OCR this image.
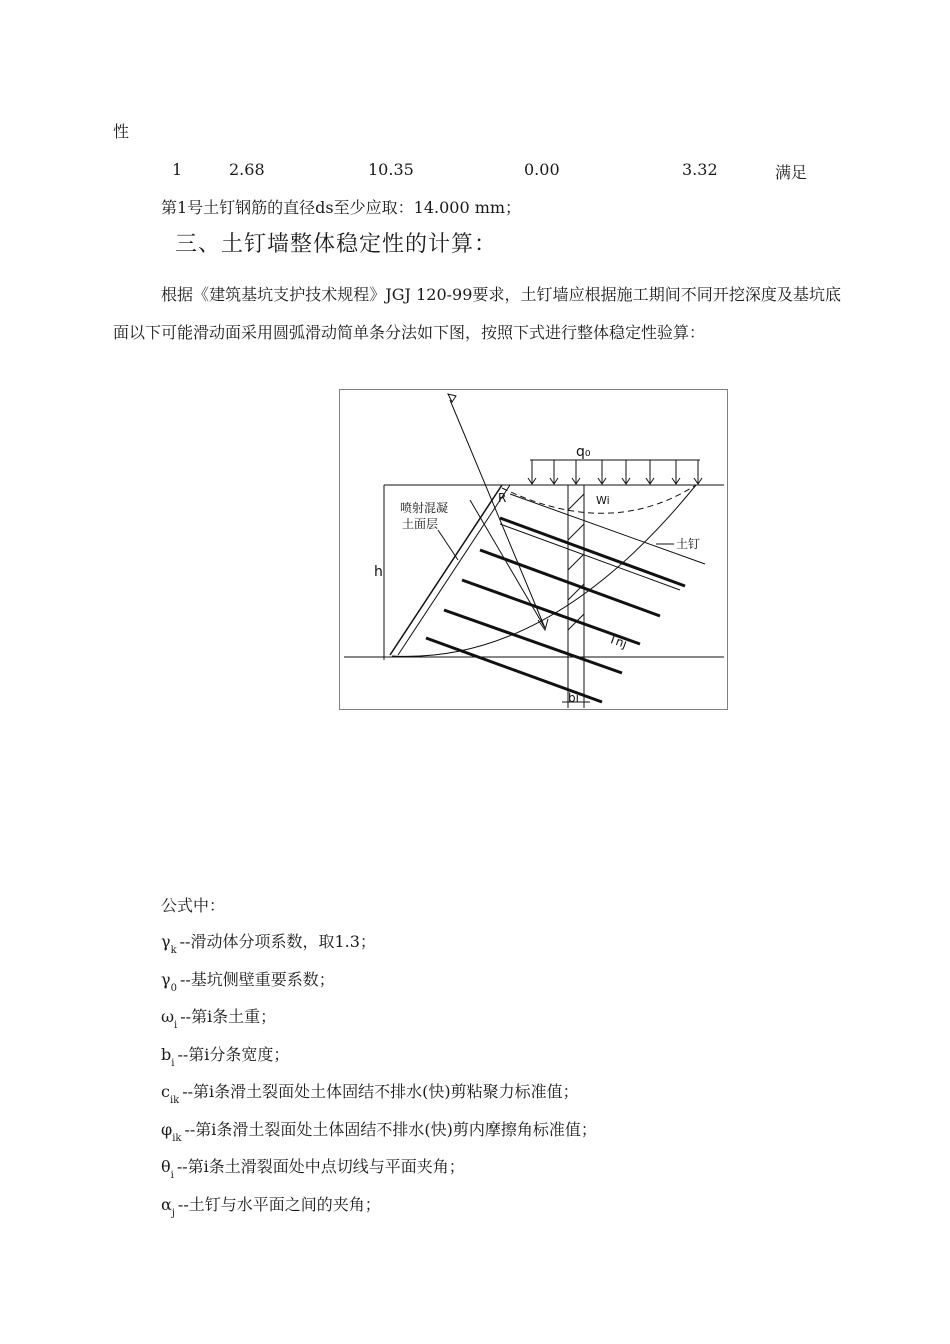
性
1	2.68	10.35	0.00	3.32	满足
第1号土钉钢筋的直径ds至少应取：14.000 mm；
三、土钉墙整体稳定性的计算：
根据《建筑基坑支护技术规程》JGJ 120-99要求，土钉墙应根据施工期间不同开挖深度及基坑底面以下可能滑动面采用圆弧滑动简单条分法如下图，按照下式进行整体稳定性验算：
q₀
Wi
喷射混凝
土面层
土钉
h
Tnj
bi
R
公式中：
$\gamma_k$ --滑动体分项系数，取1.3；
$\gamma_0$ --基坑侧壁重要系数；
$\omega_i$ --第i条土重；
$b_i$ --第i分条宽度；
$c_{ik}$ --第i条滑土裂面处土体固结不排水(快)剪粘聚力标准值；
$\varphi_{ik}$ --第i条滑土裂面处土体固结不排水(快)剪内摩擦角标准值；
$\theta_i$ --第i条土滑裂面处中点切线与平面夹角；
$\alpha_j$ --土钉与水平面之间的夹角；
